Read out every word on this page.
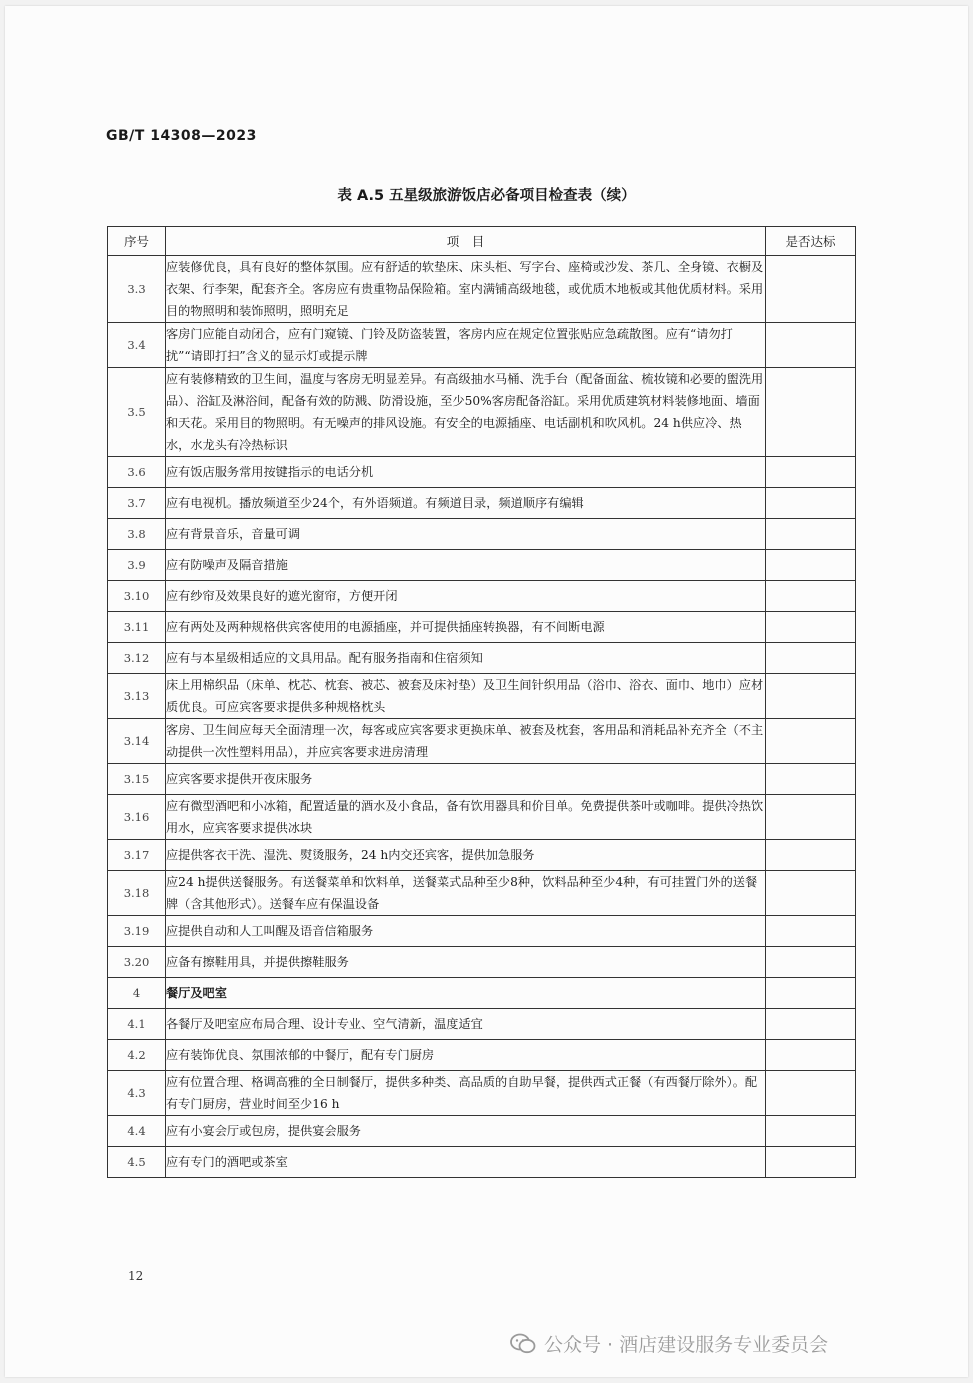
GB/T 14308—2023
表 A.5 五星级旅游饭店必备项目检查表（续）
序号	项　目	是否达标
3.3	应装修优良，具有良好的整体氛围。应有舒适的软垫床、床头柜、写字台、座椅或沙发、茶几、全身镜、衣橱及衣架、行李架，配套齐全。客房应有贵重物品保险箱。室内满铺高级地毯，或优质木地板或其他优质材料。采用目的物照明和装饰照明，照明充足	
3.4	客房门应能自动闭合，应有门窥镜、门铃及防盗装置，客房内应在规定位置张贴应急疏散图。应有“请勿打扰”“请即打扫”含义的显示灯或提示牌	
3.5	应有装修精致的卫生间，温度与客房无明显差异。有高级抽水马桶、洗手台（配备面盆、梳妆镜和必要的盥洗用品）、浴缸及淋浴间，配备有效的防溅、防滑设施，至少50%客房配备浴缸。采用优质建筑材料装修地面、墙面和天花。采用目的物照明。有无噪声的排风设施。有安全的电源插座、电话副机和吹风机。24 h供应冷、热水，水龙头有冷热标识	
3.6	应有饭店服务常用按键指示的电话分机	
3.7	应有电视机。播放频道至少24个，有外语频道。有频道目录，频道顺序有编辑	
3.8	应有背景音乐，音量可调	
3.9	应有防噪声及隔音措施	
3.10	应有纱帘及效果良好的遮光窗帘，方便开闭	
3.11	应有两处及两种规格供宾客使用的电源插座，并可提供插座转换器，有不间断电源	
3.12	应有与本星级相适应的文具用品。配有服务指南和住宿须知	
3.13	床上用棉织品（床单、枕芯、枕套、被芯、被套及床衬垫）及卫生间针织用品（浴巾、浴衣、面巾、地巾）应材质优良。可应宾客要求提供多种规格枕头	
3.14	客房、卫生间应每天全面清理一次，每客或应宾客要求更换床单、被套及枕套，客用品和消耗品补充齐全（不主动提供一次性塑料用品），并应宾客要求进房清理	
3.15	应宾客要求提供开夜床服务	
3.16	应有微型酒吧和小冰箱，配置适量的酒水及小食品，备有饮用器具和价目单。免费提供茶叶或咖啡。提供冷热饮用水，应宾客要求提供冰块	
3.17	应提供客衣干洗、湿洗、熨烫服务，24 h内交还宾客，提供加急服务	
3.18	应24 h提供送餐服务。有送餐菜单和饮料单，送餐菜式品种至少8种，饮料品种至少4种，有可挂置门外的送餐牌（含其他形式）。送餐车应有保温设备	
3.19	应提供自动和人工叫醒及语音信箱服务	
3.20	应备有擦鞋用具，并提供擦鞋服务	
4	餐厅及吧室	
4.1	各餐厅及吧室应布局合理、设计专业、空气清新，温度适宜	
4.2	应有装饰优良、氛围浓郁的中餐厅，配有专门厨房	
4.3	应有位置合理、格调高雅的全日制餐厅，提供多种类、高品质的自助早餐，提供西式正餐（有西餐厅除外）。配有专门厨房，营业时间至少16 h	
4.4	应有小宴会厅或包房，提供宴会服务	
4.5	应有专门的酒吧或茶室	
12
公众号 · 酒店建设服务专业委员会
